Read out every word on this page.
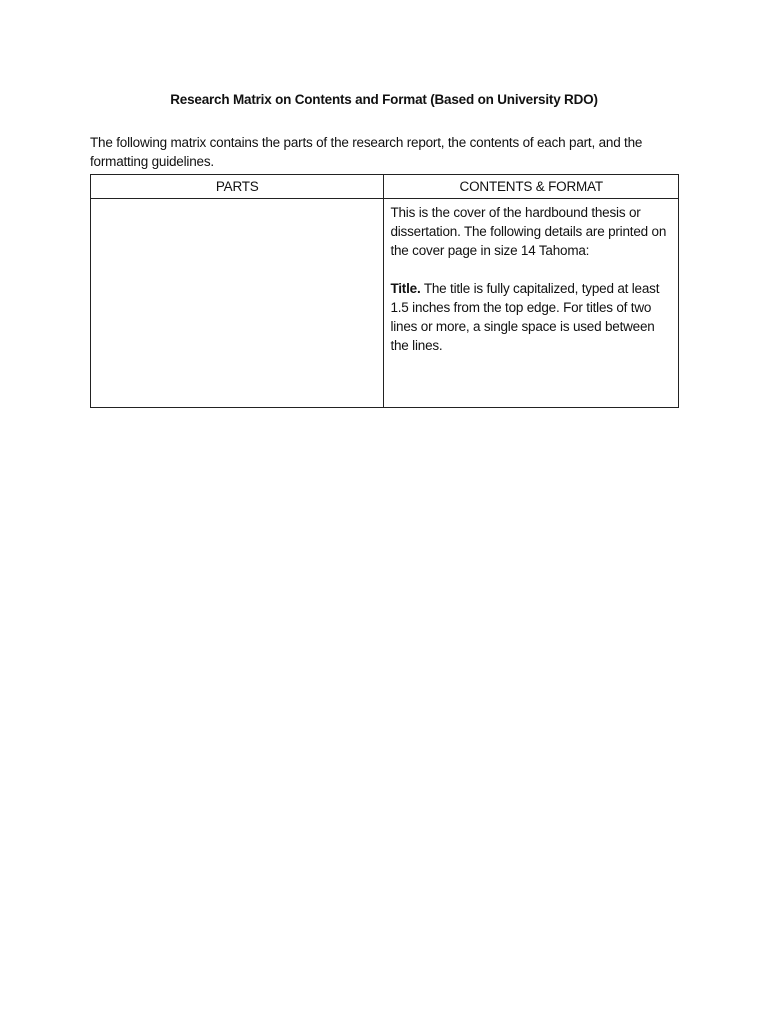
Research Matrix on Contents and Format (Based on University RDO)
The following matrix contains the parts of the research report, the contents of each part, and the formatting guidelines.
PARTS	CONTENTS & FORMAT

	This is the cover of the hardbound thesis or dissertation. The following details are printed on the cover page in size 14 Tahoma:

Title. The title is fully capitalized, typed at least 1.5 inches from the top edge. For titles of two lines or more, a single space is used between the lines.
